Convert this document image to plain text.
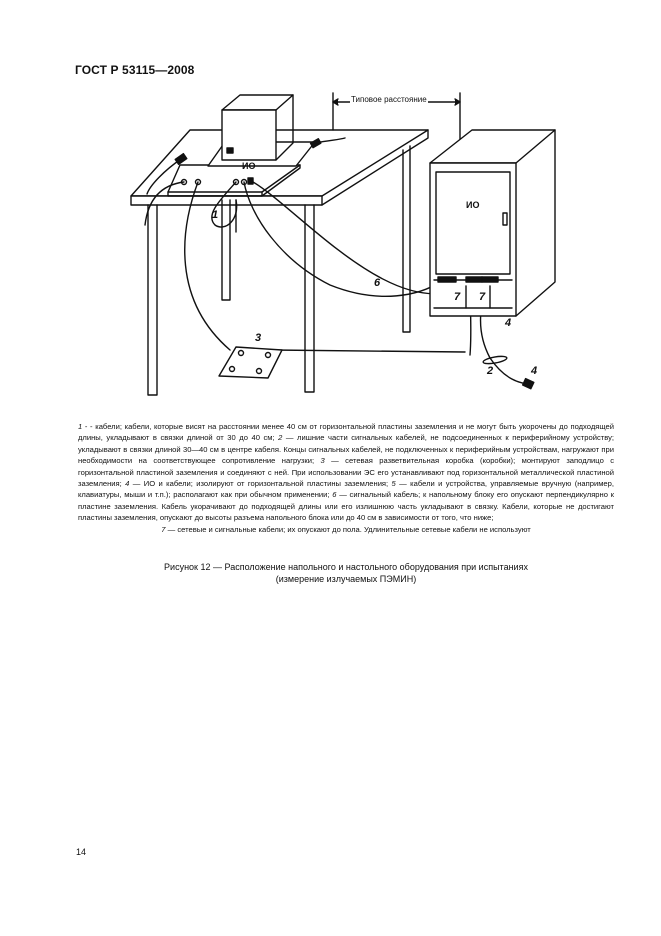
ГОСТ Р 53115—2008
Типовое расстояние
ИО
ИО
1
2
3
4
4
6
7 7

1 - - кабели; кабели, которые висят на расстоянии менее 40 см от горизонтальной пластины заземления и не могут быть укорочены до подходящей длины, укладывают в связки длиной от 30 до 40 см; 2 — лишние части сигнальных кабелей, не подсоединенных к периферийному устройству; укладывают в связки длиной 30—40 см в центре кабеля. Концы сигнальных кабелей, не подключенных к периферийным устройствам, нагружают при необходимости на соответствующее сопротивление нагрузки; 3 — сетевая разветвительная коробка (коробки); монтируют заподлицо с горизонтальной пластиной заземления и соединяют с ней. При использовании ЭС его устанавливают под горизонтальной металлической пластиной заземления; 4 — ИО и кабели; изолируют от горизонтальной пластины заземления; 5 — кабели и устройства, управляемые вручную (например, клавиатуры, мыши и т.п.); располагают как при обычном применении; 6 — сигнальный кабель; к напольному блоку его опускают перпендикулярно к пластине заземления. Кабель укорачивают до подходящей длины или его излишнюю часть укладывают в связку. Кабели, которые не достигают пластины заземления, опускают до высоты разъема напольного блока или до 40 см в зависимости от того, что ниже;

7 — сетевые и сигнальные кабели; их опускают до пола. Удлинительные сетевые кабели не используют

Рисунок 12 — Расположение напольного и настольного оборудования при испытаниях
(измерение излучаемых ПЭМИН)
14
